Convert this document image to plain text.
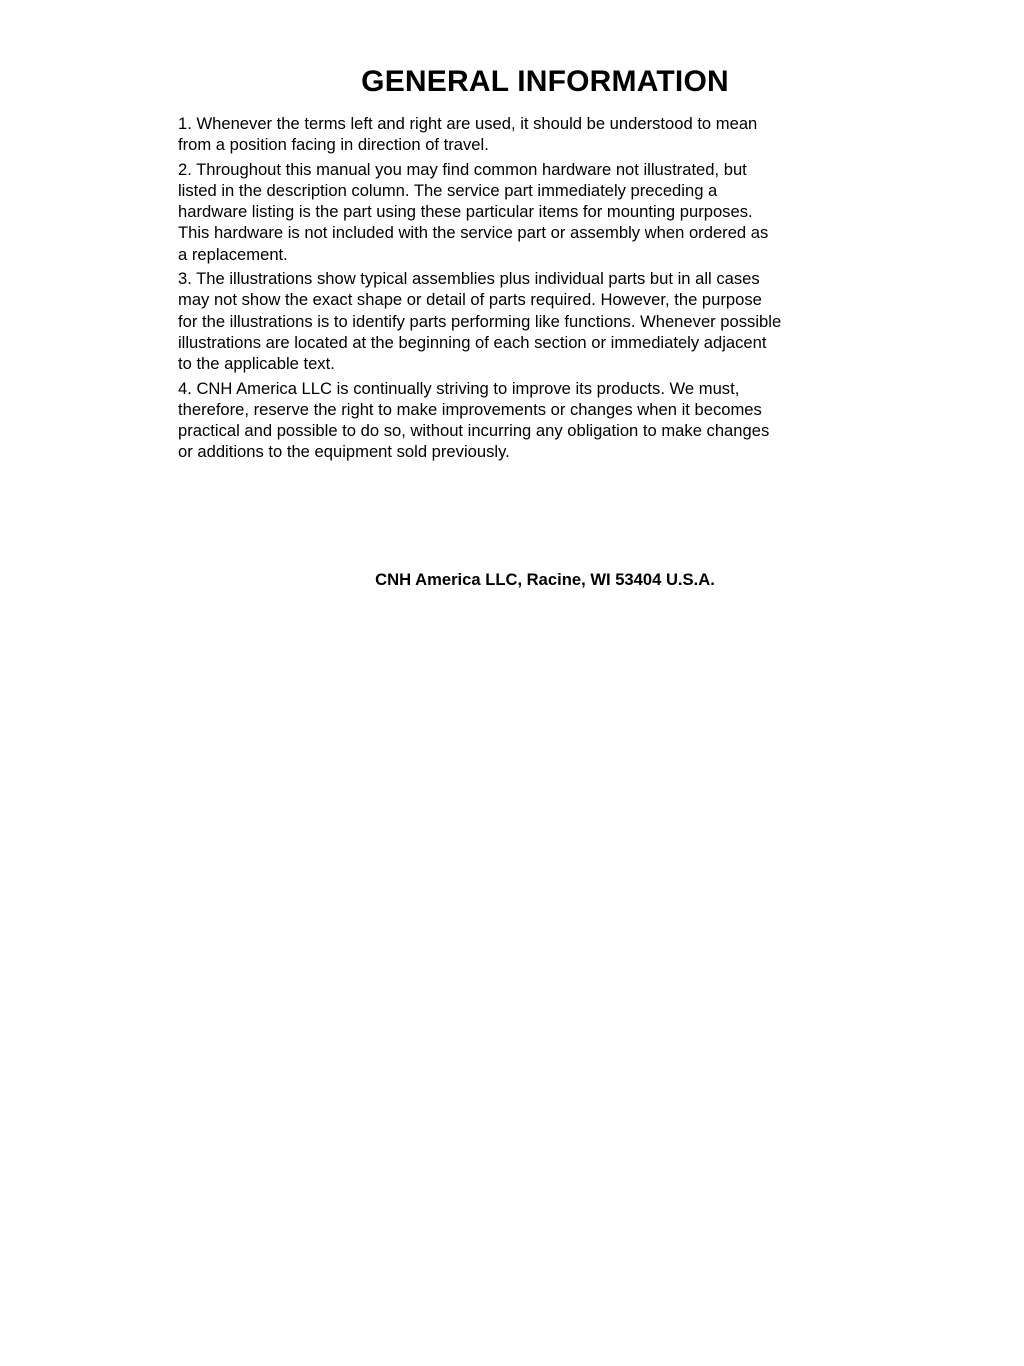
GENERAL INFORMATION

1. Whenever the terms left and right are used, it should be understood to mean
from a position facing in direction of travel.

2. Throughout this manual you may find common hardware not illustrated, but
listed in the description column. The service part immediately preceding a
hardware listing is the part using these particular items for mounting purposes.
This hardware is not included with the service part or assembly when ordered as
a replacement.

3. The illustrations show typical assemblies plus individual parts but in all cases
may not show the exact shape or detail of parts required. However, the purpose
for the illustrations is to identify parts performing like functions. Whenever possible
illustrations are located at the beginning of each section or immediately adjacent
to the applicable text.

4. CNH America LLC is continually striving to improve its products. We must,
therefore, reserve the right to make improvements or changes when it becomes
practical and possible to do so, without incurring any obligation to make changes
or additions to the equipment sold previously.

CNH America LLC, Racine, WI 53404 U.S.A.
